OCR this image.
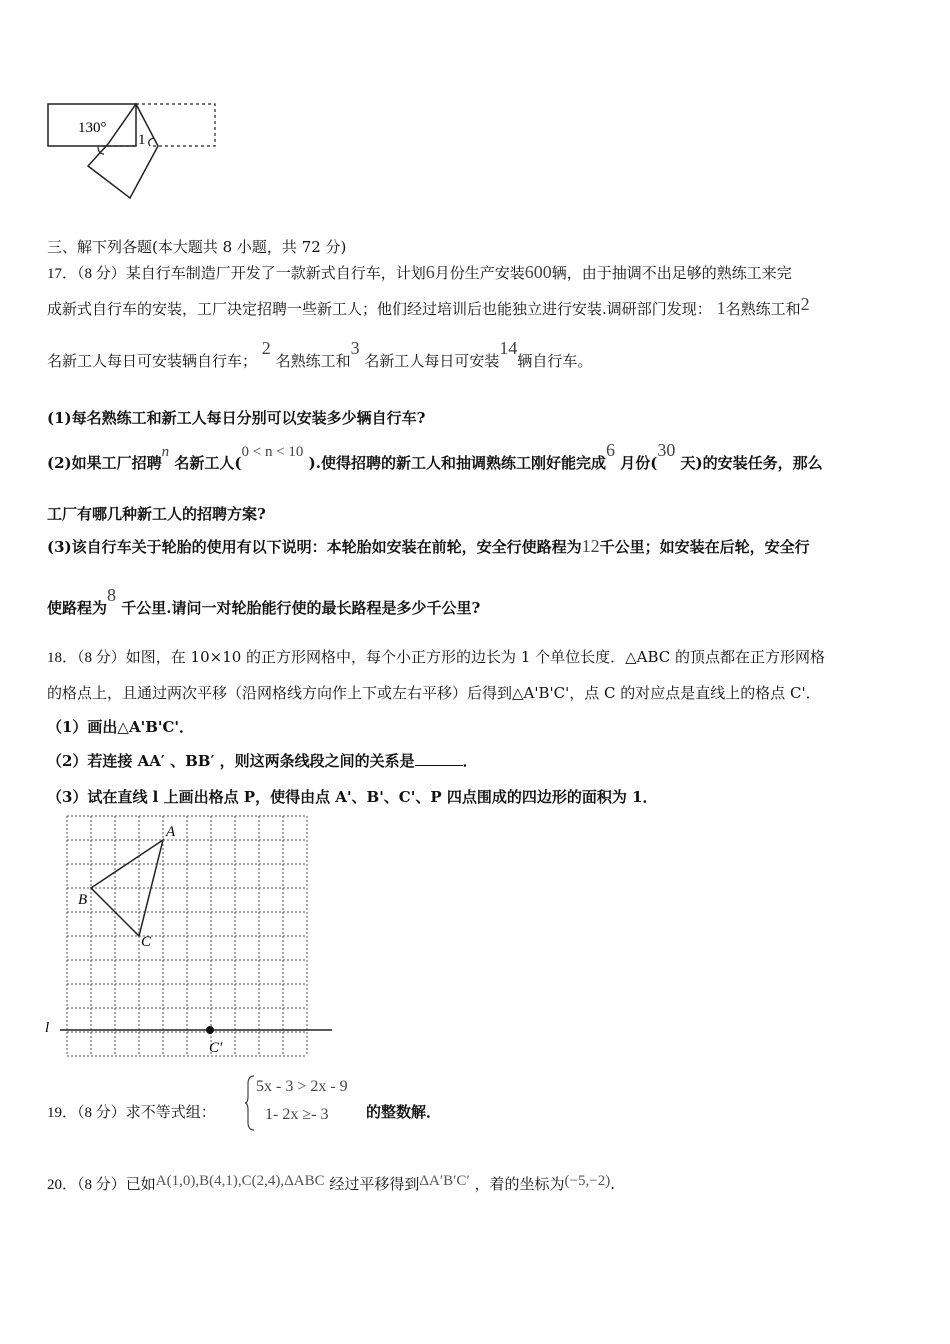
130°
1
三、解下列各题(本大题共 8 小题，共 72 分)
17．（8 分）某自行车制造厂开发了一款新式自行车，计划6月份生产安装600辆，由于抽调不出足够的熟练工来完
成新式自行车的安装，工厂决定招聘一些新工人；他们经过培训后也能独立进行安装.调研部门发现： 1名熟练工和2
名新工人每日可安装辆自行车； 2 名熟练工和3 名新工人每日可安装14辆自行车。
(1)每名熟练工和新工人每日分别可以安装多少辆自行车?
(2)如果工厂招聘n 名新工人(0 < n < 10 ).使得招聘的新工人和抽调熟练工刚好能完成6 月份(30 天)的安装任务，那么
工厂有哪几种新工人的招聘方案?
(3)该自行车关于轮胎的使用有以下说明：本轮胎如安装在前轮，安全行使路程为12千公里；如安装在后轮，安全行
使路程为8 千公里.请问一对轮胎能行使的最长路程是多少千公里?
18．（8 分）如图，在 10×10 的正方形网格中，每个小正方形的边长为 1 个单位长度．△ABC 的顶点都在正方形网格
的格点上，且通过两次平移（沿网格线方向作上下或左右平移）后得到△A'B'C'，点 C 的对应点是直线上的格点 C'．
（1）画出△A'B'C'．
（2）若连接 AA′ 、BB′ ，则这两条线段之间的关系是	．
（3）试在直线 l 上画出格点 P，使得由点 A'、B'、C'、P 四点围成的四边形的面积为 1．
A
B
C
C′
l
19．（8 分）求不等式组：
5x - 3 > 2x - 9
1- 2x ≥- 3	的整数解．
20．（8 分）已如A(1,0),B(4,1),C(2,4),ΔABC 经过平移得到ΔA′B′C′ ，着的坐标为(−5,−2).
